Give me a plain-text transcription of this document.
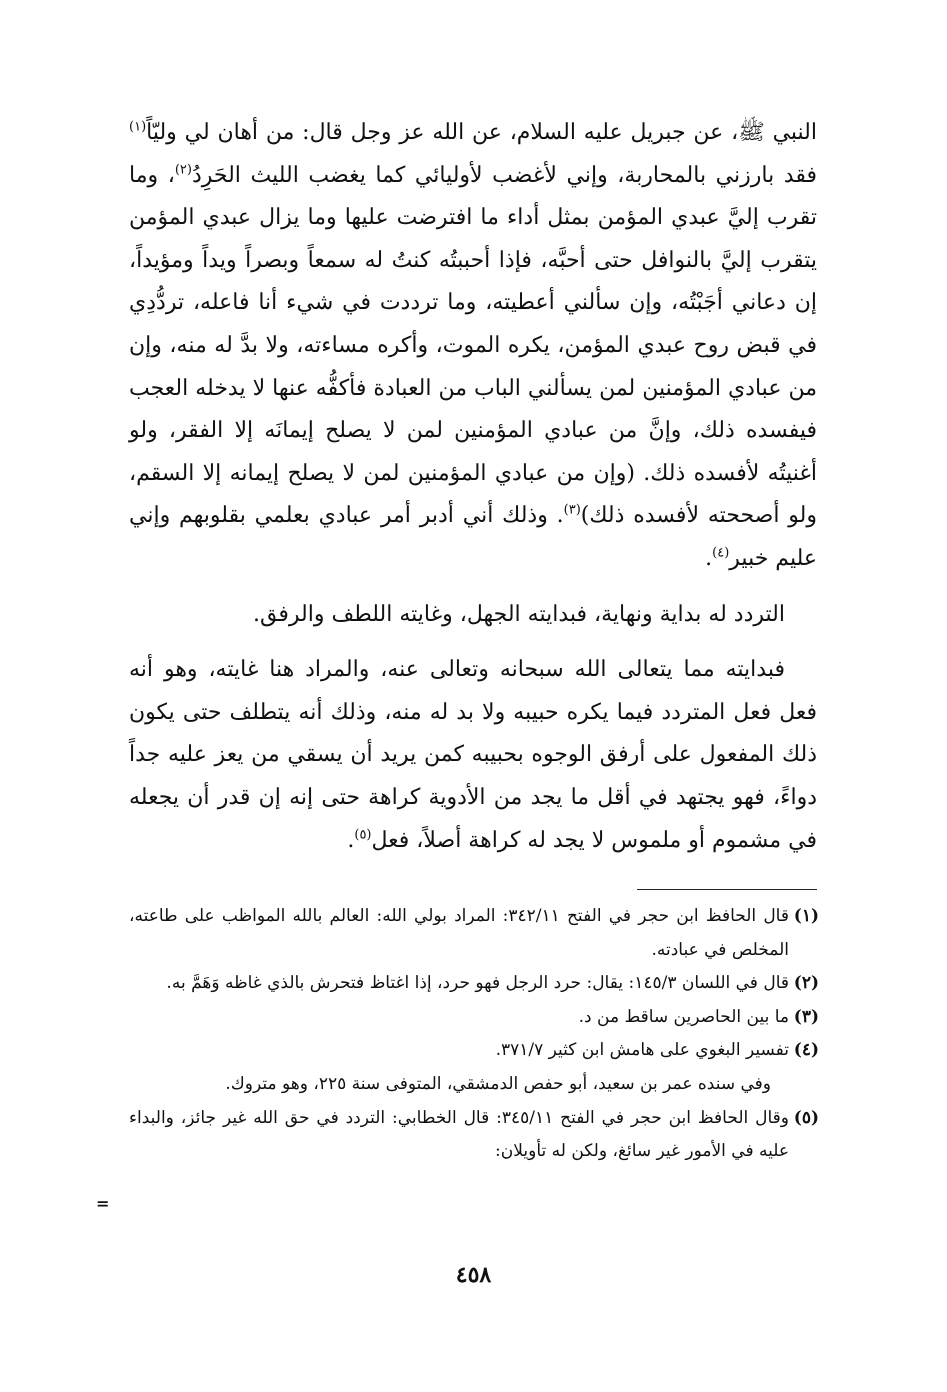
النبي ﷺ، عن جبريل عليه السلام، عن الله عز وجل قال: من أهان لي وليّاً$^{(١)}$ فقد بارزني بالمحاربة، وإني لأغضب لأوليائي كما يغضب الليث الحَرِدُ$^{(٢)}$، وما تقرب إليَّ عبدي المؤمن بمثل أداء ما افترضت عليها وما يزال عبدي المؤمن يتقرب إليَّ بالنوافل حتى أحبَّه، فإذا أحببتُه كنتُ له سمعاً وبصراً ويداً ومؤيداً، إن دعاني أجَبْتُه، وإن سألني أعطيته، وما ترددت في شيء أنا فاعله، تردُّدِي في قبض روح عبدي المؤمن، يكره الموت، وأكره مساءته، ولا بدَّ له منه، وإن من عبادي المؤمنين لمن يسألني الباب من العبادة فأكفُّه عنها لا يدخله العجب فيفسده ذلك، وإنَّ من عبادي المؤمنين لمن لا يصلح إيمانَه إلا الفقر، ولو أغنيتُه لأفسده ذلك. (وإن من عبادي المؤمنين لمن لا يصلح إيمانه إلا السقم، ولو أصححته لأفسده ذلك)$^{(٣)}$. وذلك أني أدبر أمر عبادي بعلمي بقلوبهم وإني عليم خبير$^{(٤)}$.

التردد له بداية ونهاية، فبدايته الجهل، وغايته اللطف والرفق.

فبدايته مما يتعالى الله سبحانه وتعالى عنه، والمراد هنا غايته، وهو أنه فعل فعل المتردد فيما يكره حبيبه ولا بد له منه، وذلك أنه يتطلف حتى يكون ذلك المفعول على أرفق الوجوه بحبيبه كمن يريد أن يسقي من يعز عليه جداً دواءً، فهو يجتهد في أقل ما يجد من الأدوية كراهة حتى إنه إن قدر أن يجعله في مشموم أو ملموس لا يجد له كراهة أصلاً، فعل$^{(٥)}$.

(١)
قال الحافظ ابن حجر في الفتح ٣٤٢/١١: المراد بولي الله: العالم بالله المواظب على طاعته، المخلص في عبادته.

(٢)
قال في اللسان ١٤٥/٣: يقال: حرد الرجل فهو حرد، إذا اغتاظ فتحرش بالذي غاظه وَهَمَّ به.

(٣)
ما بين الحاصرين ساقط من د.

(٤)
تفسير البغوي على هامش ابن كثير ٣٧١/٧.

وفي سنده عمر بن سعيد، أبو حفص الدمشقي، المتوفى سنة ٢٢٥، وهو متروك.

(٥)
وقال الحافظ ابن حجر في الفتح ٣٤٥/١١: قال الخطابي: التردد في حق الله غير جائز، والبداء عليه في الأمور غير سائغ، ولكن له تأويلان:

=
٤٥٨
